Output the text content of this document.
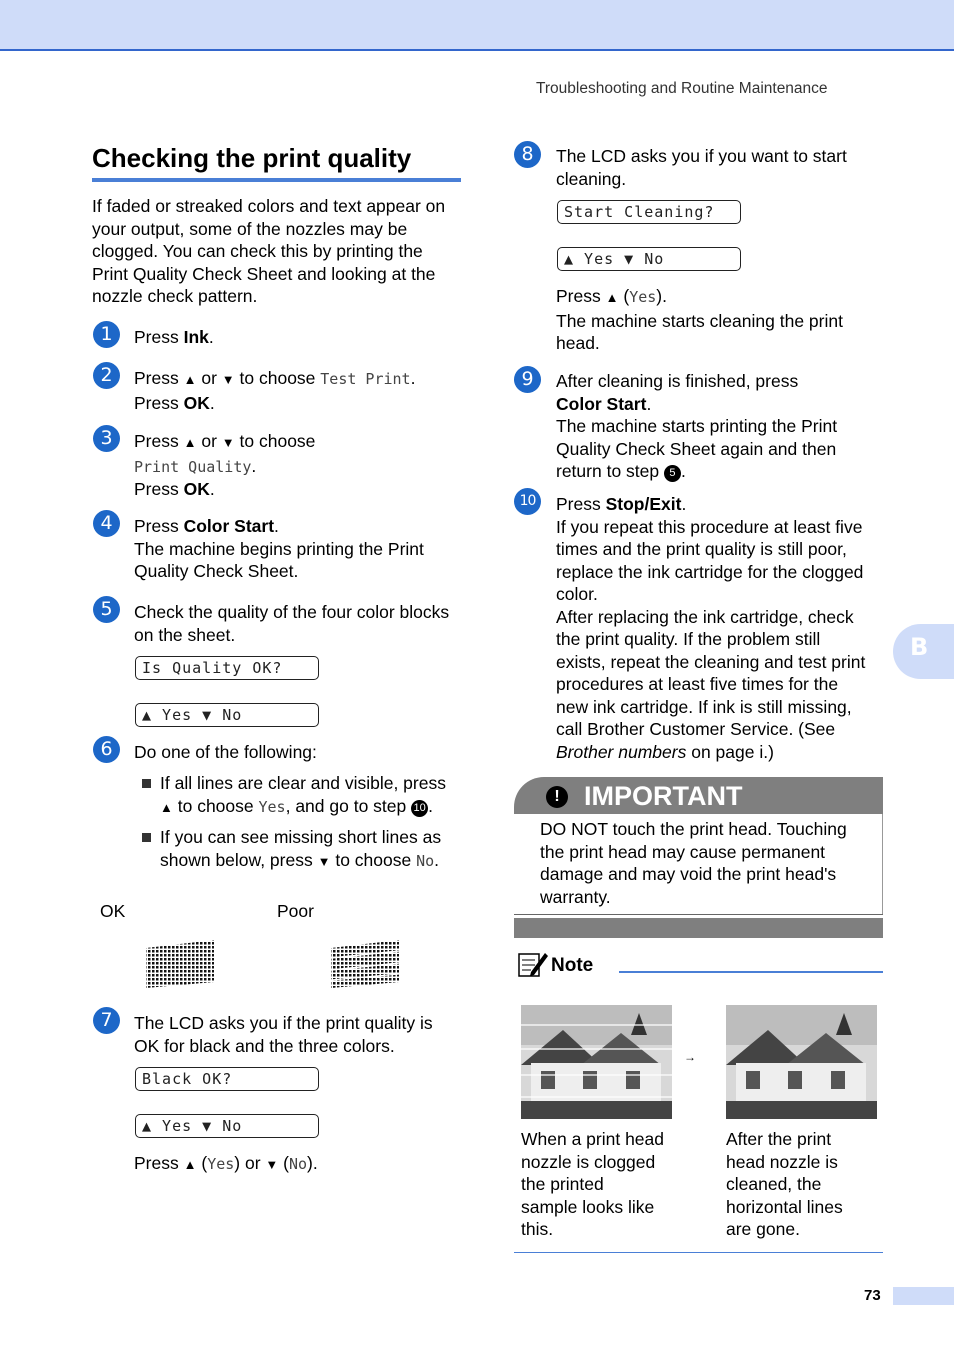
Troubleshooting and Routine Maintenance
Checking the print quality
If faded or streaked colors and text appear on your output, some of the nozzles may be clogged. You can check this by printing the Print Quality Check Sheet and looking at the nozzle check pattern.
1	Press Ink.
2	Press ▲ or ▼ to choose Test Print.
Press OK.
3	Press ▲ or ▼ to choose
Print Quality.
Press OK.
4	Press Color Start.
The machine begins printing the Print
Quality Check Sheet.
5	Check the quality of the four color blocks
on the sheet.
Is Quality OK?
▲ Yes ▼ No
6	Do one of the following:
If all lines are clear and visible, press
▲ to choose Yes, and go to step 10 .
If you can see missing short lines as
shown below, press ▼ to choose No.
OK	Poor
7	The LCD asks you if the print quality is
OK for black and the three colors.
Black OK?
▲ Yes ▼ No
Press ▲ (Yes) or ▼ (No).
8	The LCD asks you if you want to start
cleaning.
Start Cleaning?
▲ Yes ▼ No
Press ▲ (Yes).
The machine starts cleaning the print
head.
9	After cleaning is finished, press
Color Start.
The machine starts printing the Print
Quality Check Sheet again and then
return to step 5 .
10	Press Stop/Exit.
If you repeat this procedure at least five
times and the print quality is still poor,
replace the ink cartridge for the clogged
color.
After replacing the ink cartridge, check
the print quality. If the problem still
exists, repeat the cleaning and test print
procedures at least five times for the
new ink cartridge. If ink is still missing,
call Brother Customer Service. (See
Brother numbers on page i.)
B
! IMPORTANT
DO NOT touch the print head. Touching
the print head may cause permanent
damage and may void the print head's
warranty.
Note
→
When a print head
nozzle is clogged
the printed
sample looks like
this.
After the print
head nozzle is
cleaned, the
horizontal lines
are gone.
73
